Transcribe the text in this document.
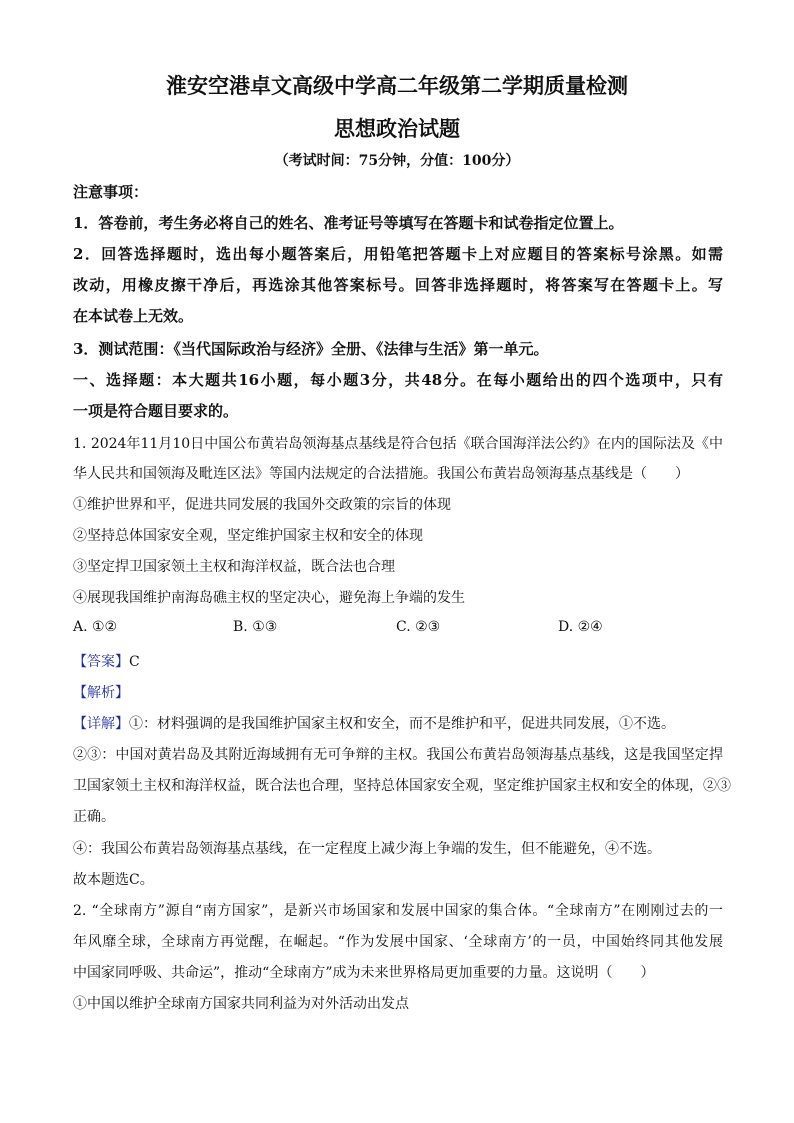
淮安空港卓文高级中学高二年级第二学期质量检测
思想政治试题
（考试时间：75分钟，分值：100分）
注意事项：
1．答卷前，考生务必将自己的姓名、准考证号等填写在答题卡和试卷指定位置上。
2．回答选择题时，选出每小题答案后，用铅笔把答题卡上对应题目的答案标号涂黑。如需
改动，用橡皮擦干净后，再选涂其他答案标号。回答非选择题时，将答案写在答题卡上。写
在本试卷上无效。
3．测试范围：《当代国际政治与经济》全册、《法律与生活》第一单元。
一、选择题：本大题共16小题，每小题3分，共48分。在每小题给出的四个选项中，只有
一项是符合题目要求的。
1. 2024年11月10日中国公布黄岩岛领海基点基线是符合包括《联合国海洋法公约》在内的国际法及《中
华人民共和国领海及毗连区法》等国内法规定的合法措施。我国公布黄岩岛领海基点基线是（　　）
①维护世界和平，促进共同发展的我国外交政策的宗旨的体现
②坚持总体国家安全观，坚定维护国家主权和安全的体现
③坚定捍卫国家领土主权和海洋权益，既合法也合理
④展现我国维护南海岛礁主权的坚定决心，避免海上争端的发生
A. ①②	B. ①③	C. ②③	D. ②④
【答案】C
【解析】
【详解】①：材料强调的是我国维护国家主权和安全，而不是维护和平，促进共同发展，①不选。
②③：中国对黄岩岛及其附近海域拥有无可争辩的主权。我国公布黄岩岛领海基点基线，这是我国坚定捍
卫国家领土主权和海洋权益，既合法也合理，坚持总体国家安全观，坚定维护国家主权和安全的体现，②③
正确。
④：我国公布黄岩岛领海基点基线，在一定程度上减少海上争端的发生，但不能避免，④不选。
故本题选C。
2. “全球南方”源自“南方国家”，是新兴市场国家和发展中国家的集合体。“全球南方”在刚刚过去的一
年风靡全球，全球南方再觉醒，在崛起。“作为发展中国家、‘全球南方’的一员，中国始终同其他发展
中国家同呼吸、共命运”，推动“全球南方”成为未来世界格局更加重要的力量。这说明（　　）
①中国以维护全球南方国家共同利益为对外活动出发点
